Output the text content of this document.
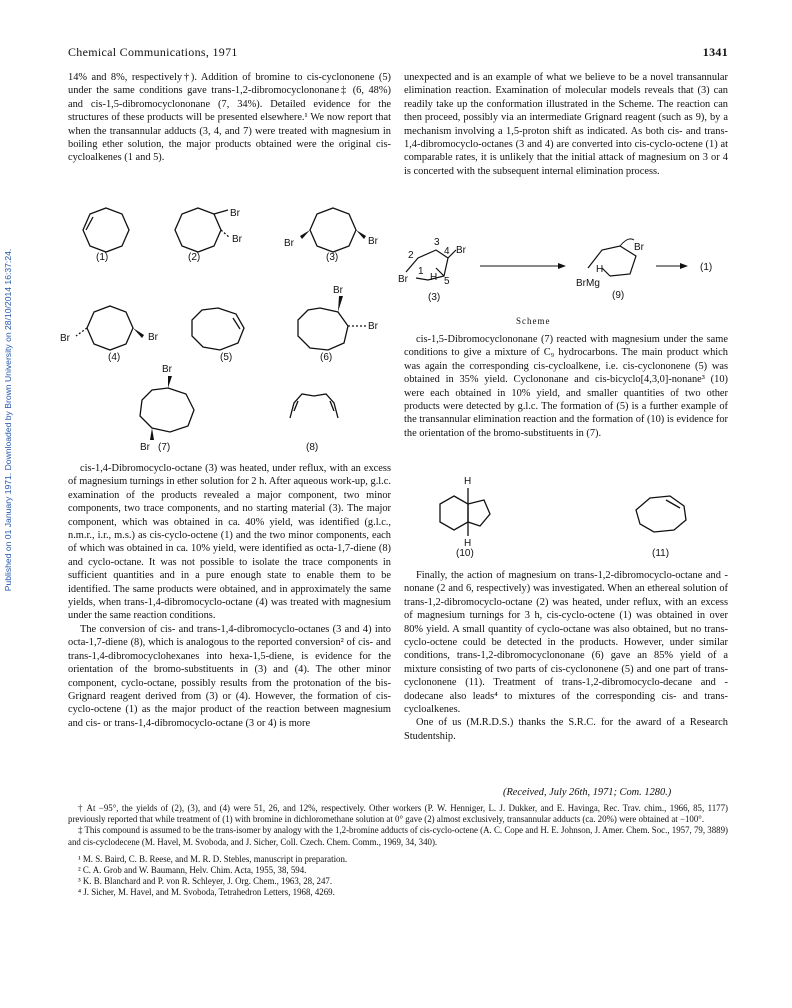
Chemical Communications, 1971	1341
Published on 01 January 1971. Downloaded by Brown University on 28/10/2014 16:37:24.

14% and 8%, respectively†). Addition of bromine to cis-cyclononene (5) under the same conditions gave trans-1,2-dibromocyclononane‡ (6, 48%) and cis-1,5-dibromocyclononane (7, 34%). Detailed evidence for the structures of these products will be presented elsewhere.¹ We now report that when the transannular adducts (3, 4, and 7) were treated with magnesium in boiling ether solution, the major products obtained were the original cis-cycloalkenes (1 and 5).

(1)
Br
Br
(2)
Br	Br
(3)
Br	Br
(4)	(5)
Br
Br
(6)
Br
Br (7)	(8)

cis-1,4-Dibromocyclo-octane (3) was heated, under reflux, with an excess of magnesium turnings in ether solution for 2 h. After aqueous work-up, g.l.c. examination of the products revealed a major component, two minor components, two trace components, and no starting material (3). The major component, which was obtained in ca. 40% yield, was identified (g.l.c., n.m.r., i.r., m.s.) as cis-cyclo-octene (1) and the two minor components, each of which was obtained in ca. 10% yield, were identified as octa-1,7-diene (8) and cyclo-octane. It was not possible to isolate the trace components in sufficient quantities and in a pure enough state to enable them to be identified. The same products were obtained, and in approximately the same yields, when trans-1,4-dibromocyclo-octane (4) was treated with magnesium under the same reaction conditions.

The conversion of cis- and trans-1,4-dibromocyclo-octanes (3 and 4) into octa-1,7-diene (8), which is analogous to the reported conversion² of cis- and trans-1,4-dibromocyclohexanes into hexa-1,5-diene, is evidence for the orientation of the bromo-substituents in (3) and (4). The other minor component, cyclo-octane, possibly results from the protonation of the bis-Grignard reagent derived from (3) or (4). However, the formation of cis-cyclo-octene (1) as the major product of the reaction between magnesium and cis- or trans-1,4-dibromocyclo-octane (3 or 4) is more

unexpected and is an example of what we believe to be a novel transannular elimination reaction. Examination of molecular models reveals that (3) can readily take up the conformation illustrated in the Scheme. The reaction can then proceed, possibly via an intermediate Grignard reagent (such as 9), by a mechanism involving a 1,5-proton shift as indicated. As both cis- and trans-1,4-dibromocyclo-octanes (3 and 4) are converted into cis-cyclo-octene (1) at comparable rates, it is unlikely that the initial attack of magnesium on 3 or 4 is concerted with the subsequent internal elimination process.

3
4 Br
2
1
Br H 5
(3)
Br
H
BrMg
(9)
(1)
Scheme

cis-1,5-Dibromocyclononane (7) reacted with magnesium under the same conditions to give a mixture of C₉ hydrocarbons. The main product which was again the corresponding cis-cycloalkene, i.e. cis-cyclononene (5) was obtained in 35% yield. Cyclononane and cis-bicyclo[4,3,0]-nonane³ (10) were each obtained in 10% yield, and smaller quantities of two other products were detected by g.l.c. The formation of (5) is a further example of the transannular elimination reaction and the formation of (10) is evidence for the orientation of the bromo-substituents in (7).

H
H
(10)	(11)

Finally, the action of magnesium on trans-1,2-dibromocyclo-octane and -nonane (2 and 6, respectively) was investigated. When an ethereal solution of trans-1,2-dibromocyclo-octane (2) was heated, under reflux, with an excess of magnesium turnings for 3 h, cis-cyclo-octene (1) was obtained in over 80% yield. A small quantity of cyclo-octane was also obtained, but no trans-cyclo-octene could be detected in the products. However, under similar conditions, trans-1,2-dibromocyclononane (6) gave an 85% yield of a mixture consisting of two parts of cis-cyclononene (5) and one part of trans-cyclononene (11). Treatment of trans-1,2-dibromocyclo-decane and -dodecane also leads⁴ to mixtures of the corresponding cis- and trans-cycloalkenes.

One of us (M.R.D.S.) thanks the S.R.C. for the award of a Research Studentship.

(Received, July 26th, 1971; Com. 1280.)

† At −95°, the yields of (2), (3), and (4) were 51, 26, and 12%, respectively. Other workers (P. W. Henniger, L. J. Dukker, and E. Havinga, Rec. Trav. chim., 1966, 85, 1177) previously reported that while treatment of (1) with bromine in dichloromethane solution at 0° gave (2) almost exclusively, transannular adducts (ca. 20%) were obtained at −100°.

‡ This compound is assumed to be the trans-isomer by analogy with the 1,2-bromine adducts of cis-cyclo-octene (A. C. Cope and H. E. Johnson, J. Amer. Chem. Soc., 1957, 79, 3889) and cis-cyclodecene (M. Havel, M. Svoboda, and J. Sicher, Coll. Czech. Chem. Comm., 1969, 34, 340).

¹ M. S. Baird, C. B. Reese, and M. R. D. Stebles, manuscript in preparation.

² C. A. Grob and W. Baumann, Helv. Chim. Acta, 1955, 38, 594.

³ K. B. Blanchard and P. von R. Schleyer, J. Org. Chem., 1963, 28, 247.

⁴ J. Sicher, M. Havel, and M. Svoboda, Tetrahedron Letters, 1968, 4269.
